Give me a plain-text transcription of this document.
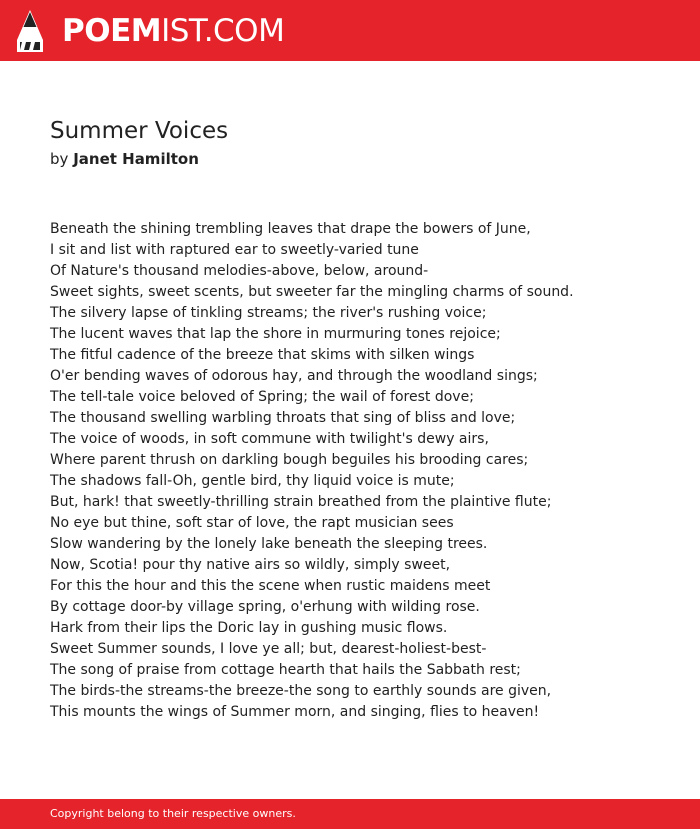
POEMIST.COM
Summer Voices
by Janet Hamilton
Beneath the shining trembling leaves that drape the bowers of June,
I sit and list with raptured ear to sweetly-varied tune
Of Nature's thousand melodies-above, below, around-
Sweet sights, sweet scents, but sweeter far the mingling charms of sound.
The silvery lapse of tinkling streams; the river's rushing voice;
The lucent waves that lap the shore in murmuring tones rejoice;
The fitful cadence of the breeze that skims with silken wings
O'er bending waves of odorous hay, and through the woodland sings;
The tell-tale voice beloved of Spring; the wail of forest dove;
The thousand swelling warbling throats that sing of bliss and love;
The voice of woods, in soft commune with twilight's dewy airs,
Where parent thrush on darkling bough beguiles his brooding cares;
The shadows fall-Oh, gentle bird, thy liquid voice is mute;
But, hark! that sweetly-thrilling strain breathed from the plaintive flute;
No eye but thine, soft star of love, the rapt musician sees
Slow wandering by the lonely lake beneath the sleeping trees.
Now, Scotia! pour thy native airs so wildly, simply sweet,
For this the hour and this the scene when rustic maidens meet
By cottage door-by village spring, o'erhung with wilding rose.
Hark from their lips the Doric lay in gushing music flows.
Sweet Summer sounds, I love ye all; but, dearest-holiest-best-
The song of praise from cottage hearth that hails the Sabbath rest;
The birds-the streams-the breeze-the song to earthly sounds are given,
This mounts the wings of Summer morn, and singing, flies to heaven!
Copyright belong to their respective owners.
